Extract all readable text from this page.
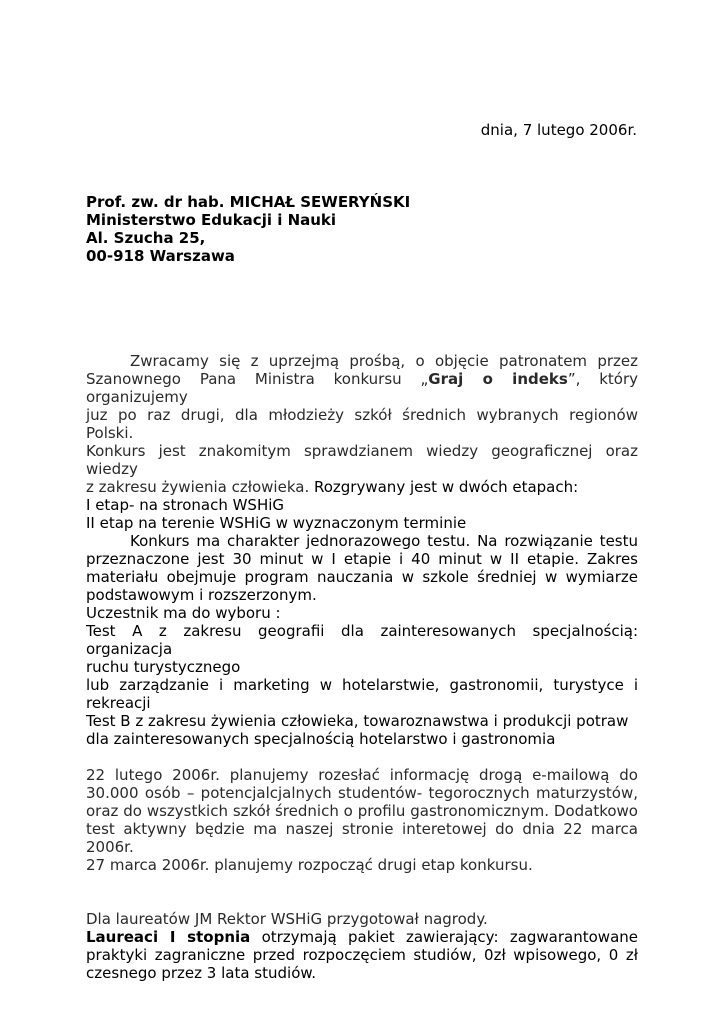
dnia, 7 lutego 2006r.
Prof. zw. dr hab. MICHAŁ SEWERYŃSKI
Ministerstwo Edukacji i Nauki
Al. Szucha 25,
00-918 Warszawa
Zwracamy się z uprzejmą prośbą, o objęcie patronatem przez
Szanownego Pana Ministra konkursu „Graj o indeks”, który organizujemy
juz po raz drugi, dla młodzieży szkół średnich wybranych regionów Polski.
Konkurs jest znakomitym sprawdzianem wiedzy geograficznej oraz wiedzy
z zakresu żywienia człowieka. Rozgrywany jest w dwóch etapach:
I etap- na stronach WSHiG
II etap na terenie WSHiG w wyznaczonym terminie
Konkurs ma charakter jednorazowego testu. Na rozwiązanie testu
przeznaczone jest 30 minut w I etapie i 40 minut w II etapie. Zakres
materiału obejmuje program nauczania w szkole średniej w wymiarze
podstawowym i rozszerzonym.
Uczestnik ma do wyboru :
Test A z zakresu geografii dla zainteresowanych specjalnością: organizacja
ruchu turystycznego
lub zarządzanie i marketing w hotelarstwie, gastronomii, turystyce i
rekreacji
Test B z zakresu żywienia człowieka, towaroznawstwa i produkcji potraw
dla zainteresowanych specjalnością hotelarstwo i gastronomia
22 lutego 2006r. planujemy rozesłać informację drogą e-mailową do
30.000 osób – potencjalcjalnych studentów- tegorocznych maturzystów,
oraz do wszystkich szkół średnich o profilu gastronomicznym. Dodatkowo
test aktywny będzie ma naszej stronie interetowej do dnia 22 marca
2006r.
27 marca 2006r. planujemy rozpocząć drugi etap konkursu.
Dla laureatów JM Rektor WSHiG przygotował nagrody.
Laureaci I stopnia otrzymają pakiet zawierający: zagwarantowane
praktyki zagraniczne przed rozpoczęciem studiów, 0zł wpisowego, 0 zł
czesnego przez 3 lata studiów.
